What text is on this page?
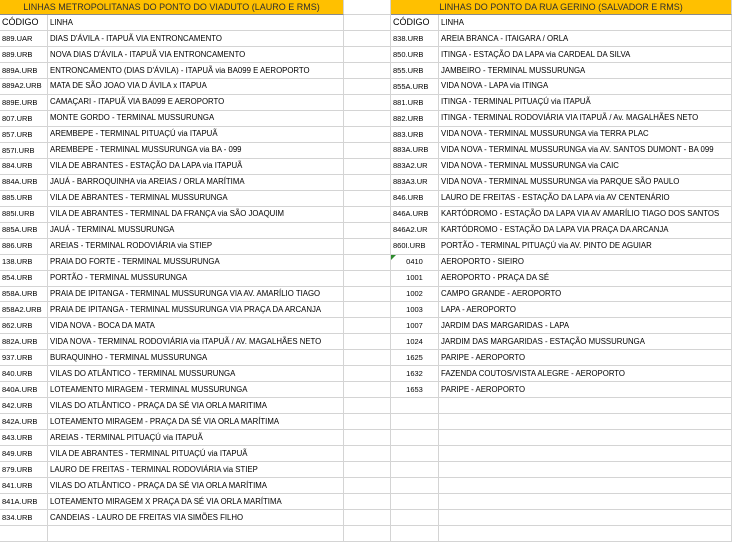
LINHAS METROPOLITANAS DO PONTO DO VIADUTO (LAURO E RMS)	LINHAS DO PONTO DA RUA GERINO (SALVADOR E RMS)
CÓDIGO	LINHA	CÓDIGO	LINHA
889.UAR	DIAS D'ÁVILA - ITAPUÃ VIA ENTRONCAMENTO	838.URB	AREIA BRANCA - ITAIGARA / ORLA
889.URB	NOVA DIAS D'ÁVILA - ITAPUÃ VIA ENTRONCAMENTO	850.URB	ITINGA - ESTAÇÃO DA LAPA via CARDEAL DA SILVA
889A.URB	ENTRONCAMENTO (DIAS D'ÁVILA) - ITAPUÃ via BA099 E AEROPORTO	855.URB	JAMBEIRO - TERMINAL MUSSURUNGA
889A2.URB	MATA DE SÃO JOAO VIA D ÁVILA x ITAPUA	855A.URB	VIDA NOVA - LAPA via ITINGA
889E.URB	CAMAÇARI - ITAPUÃ VIA BA099 E AEROPORTO	881.URB	ITINGA - TERMINAL PITUAÇÚ via ITAPUÃ
807.URB	MONTE GORDO - TERMINAL MUSSURUNGA	882.URB	ITINGA - TERMINAL RODOVIÁRIA VIA ITAPUÃ / Av. MAGALHÃES NETO
857.URB	AREMBEPE - TERMINAL PITUAÇÚ via ITAPUÃ	883.URB	VIDA NOVA - TERMINAL MUSSURUNGA via TERRA PLAC
857I.URB	AREMBEPE - TERMINAL MUSSURUNGA via BA - 099	883A.URB	VIDA NOVA - TERMINAL MUSSURUNGA via AV. SANTOS DUMONT - BA 099
884.URB	VILA DE ABRANTES - ESTAÇÃO DA LAPA via ITAPUÃ	883A2.UR	VIDA NOVA - TERMINAL MUSSURUNGA via CAIC
884A.URB	JAUÁ - BARROQUINHA via AREIAS / ORLA MARÍTIMA	883A3.UR	VIDA NOVA - TERMINAL MUSSURUNGA via PARQUE SÃO PAULO
885.URB	VILA DE ABRANTES - TERMINAL MUSSURUNGA	846.URB	LAURO DE FREITAS - ESTAÇÃO DA LAPA via AV CENTENÁRIO
885I.URB	VILA DE ABRANTES - TERMINAL DA FRANÇA via SÃO JOAQUIM	846A.URB	KARTÓDROMO - ESTAÇÃO DA LAPA VIA AV AMARÍLIO TIAGO DOS SANTOS
885A.URB	JAUÁ - TERMINAL MUSSURUNGA	846A2.UR	KARTÓDROMO - ESTAÇÃO DA LAPA VIA PRAÇA DA ARCANJA
886.URB	AREIAS - TERMINAL RODOVIÁRIA via STIEP	860I.URB	PORTÃO - TERMINAL PITUAÇÚ via AV. PINTO DE AGUIAR
138.URB	PRAIA DO FORTE - TERMINAL MUSSURUNGA	0410	AEROPORTO - SIEIRO
854.URB	PORTÃO - TERMINAL MUSSURUNGA	1001	AEROPORTO - PRAÇA DA SÉ
858A.URB	PRAIA DE IPITANGA - TERMINAL MUSSURUNGA VIA AV. AMARÍLIO TIAGO	1002	CAMPO GRANDE - AEROPORTO
858A2.URB	PRAIA DE IPITANGA - TERMINAL MUSSURUNGA VIA PRAÇA DA ARCANJA	1003	LAPA - AEROPORTO
862.URB	VIDA NOVA - BOCA DA MATA	1007	JARDIM DAS MARGARIDAS - LAPA
882A.URB	VIDA NOVA - TERMINAL RODOVIÁRIA via ITAPUÃ / AV. MAGALHÃES NETO	1024	JARDIM DAS MARGARIDAS - ESTAÇÃO MUSSURUNGA
937.URB	BURAQUINHO - TERMINAL MUSSURUNGA	1625	PARIPE - AEROPORTO
840.URB	VILAS DO ATLÂNTICO - TERMINAL MUSSURUNGA	1632	FAZENDA COUTOS/VISTA ALEGRE - AEROPORTO
840A.URB	LOTEAMENTO MIRAGEM - TERMINAL MUSSURUNGA	1653	PARIPE - AEROPORTO
842.URB	VILAS DO ATLÂNTICO - PRAÇA DA SÉ VIA ORLA MARITIMA
842A.URB	LOTEAMENTO MIRAGEM - PRAÇA DA SÉ VIA ORLA MARÍTIMA
843.URB	AREIAS - TERMINAL PITUAÇÚ via ITAPUÃ
849.URB	VILA DE ABRANTES - TERMINAL PITUAÇÚ via ITAPUÃ
879.URB	LAURO DE FREITAS - TERMINAL RODOVIÁRIA via STIEP
841.URB	VILAS DO ATLÂNTICO - PRAÇA DA SÉ VIA ORLA MARÍTIMA
841A.URB	LOTEAMENTO MIRAGEM X PRAÇA DA SÉ VIA ORLA MARÍTIMA
834.URB	CANDEIAS - LAURO DE FREITAS VIA SIMÕES FILHO
